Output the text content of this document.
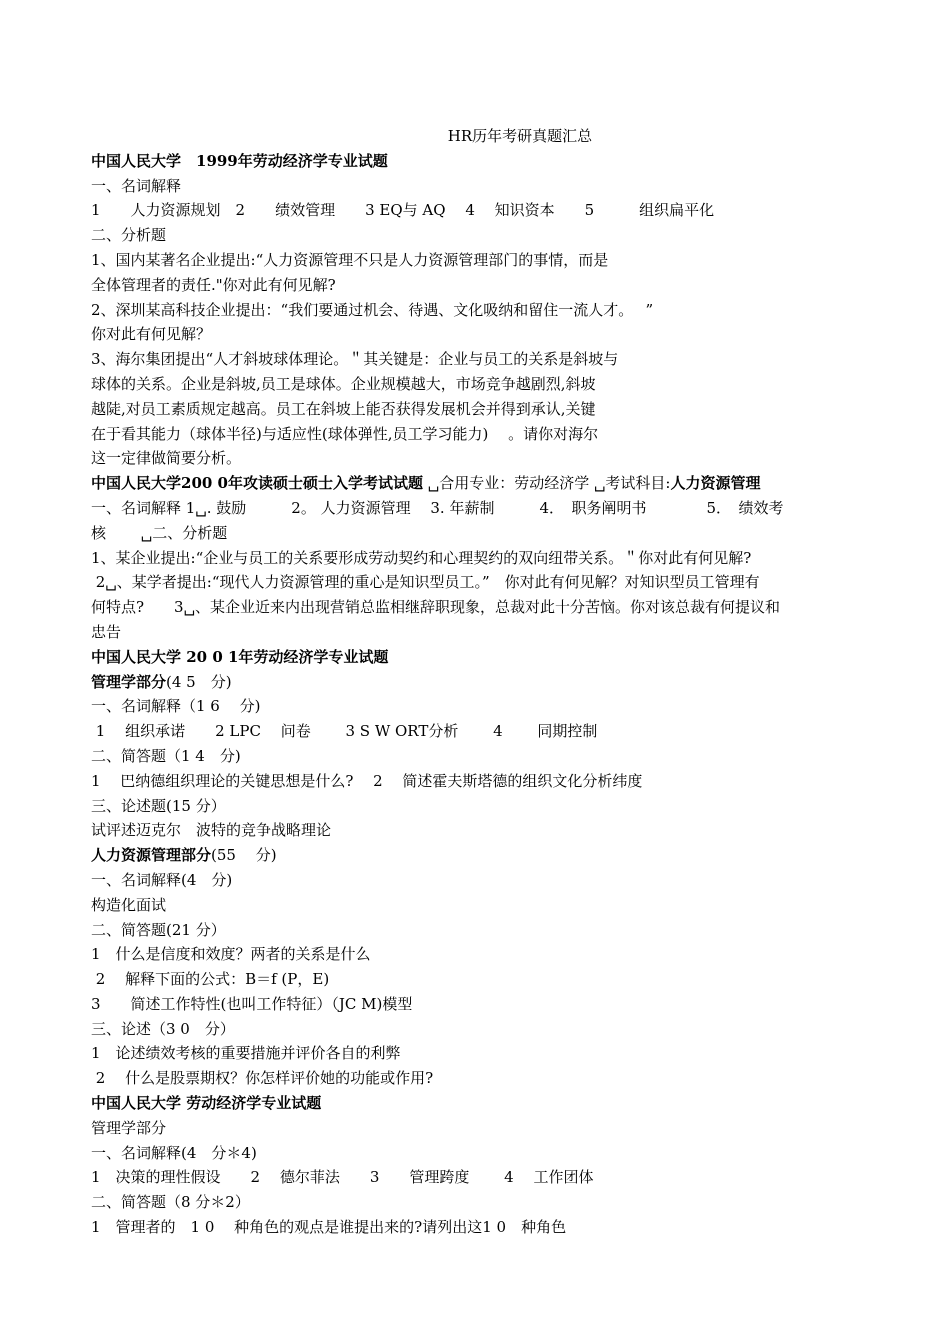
HR历年考研真题汇总
中国人民大学　1999年劳动经济学专业试题
一、名词解释
1　　人力资源规划　2　　绩效管理　　3 EQ与 AQ　 4　 知识资本　　5　　　组织扁平化
二、分析题
1、国内某著名企业提出:“人力资源管理不只是人力资源管理部门的事情，而是
全体管理者的责任."你对此有何见解?
2、深圳某高科技企业提出：“我们要通过机会、待遇、文化吸纳和留住一流人才。　 ”
你对此有何见解？
3、海尔集团提出“人才斜坡球体理论。＂其关键是：企业与员工的关系是斜坡与
球体的关系。企业是斜坡,员工是球体。企业规模越大，市场竞争越剧烈,斜坡
越陡,对员工素质规定越高。员工在斜坡上能否获得发展机会并得到承认,关键
在于看其能力（球体半径)与适应性(球体弹性,员工学习能力)　 。请你对海尔
这一定律做简要分析。
中国人民大学200 0年攻读硕士硕士入学考试试题 ␣合用专业：劳动经济学 ␣考试科目:人力资源管理
一、名词解释 1␣. 鼓励　　　2。 人力资源管理　 3. 年薪制　　　4．　职务阐明书　　　　5．　绩效考
核　　 ␣二、分析题
1、某企业提出:“企业与员工的关系要形成劳动契约和心理契约的双向纽带关系。＂你对此有何见解?
2␣、某学者提出:“现代人力资源管理的重心是知识型员工。”　你对此有何见解？对知识型员工管理有
何特点?　　3␣、某企业近来内出现营销总监相继辞职现象，总裁对此十分苦恼。你对该总裁有何提议和
忠告
中国人民大学 20 0 1年劳动经济学专业试题
管理学部分(4 5　分)
一、名词解释（1 6　 分)
1　 组织承诺　　2 LPC　 问卷　　 3 S W ORT分析　　 4　　 同期控制
二、简答题（1 4　分)
1　 巴纳德组织理论的关键思想是什么?　 2　 简述霍夫斯塔德的组织文化分析纬度
三、论述题(15 分）
试评述迈克尔　波特的竞争战略理论
人力资源管理部分(55　 分)
一、名词解释(4　分)
构造化面试
二、简答题(21 分）
1　什么是信度和效度？两者的关系是什么
2　 解释下面的公式：B＝f (P，E)
3　　简述工作特性(也叫工作特征）（JC M)模型
三、论述（3 0　分）
1　论述绩效考核的重要措施并评价各自的利弊
2　 什么是股票期权？你怎样评价她的功能或作用?
中国人民大学 劳动经济学专业试题
管理学部分
一、名词解释(4　分＊4)
1　决策的理性假设　　2　 德尔菲法　　3　　管理跨度　　 4　 工作团体
二、简答题（8 分＊2）
1　管理者的　1 0　 种角色的观点是谁提出来的?请列出这1 0　种角色
